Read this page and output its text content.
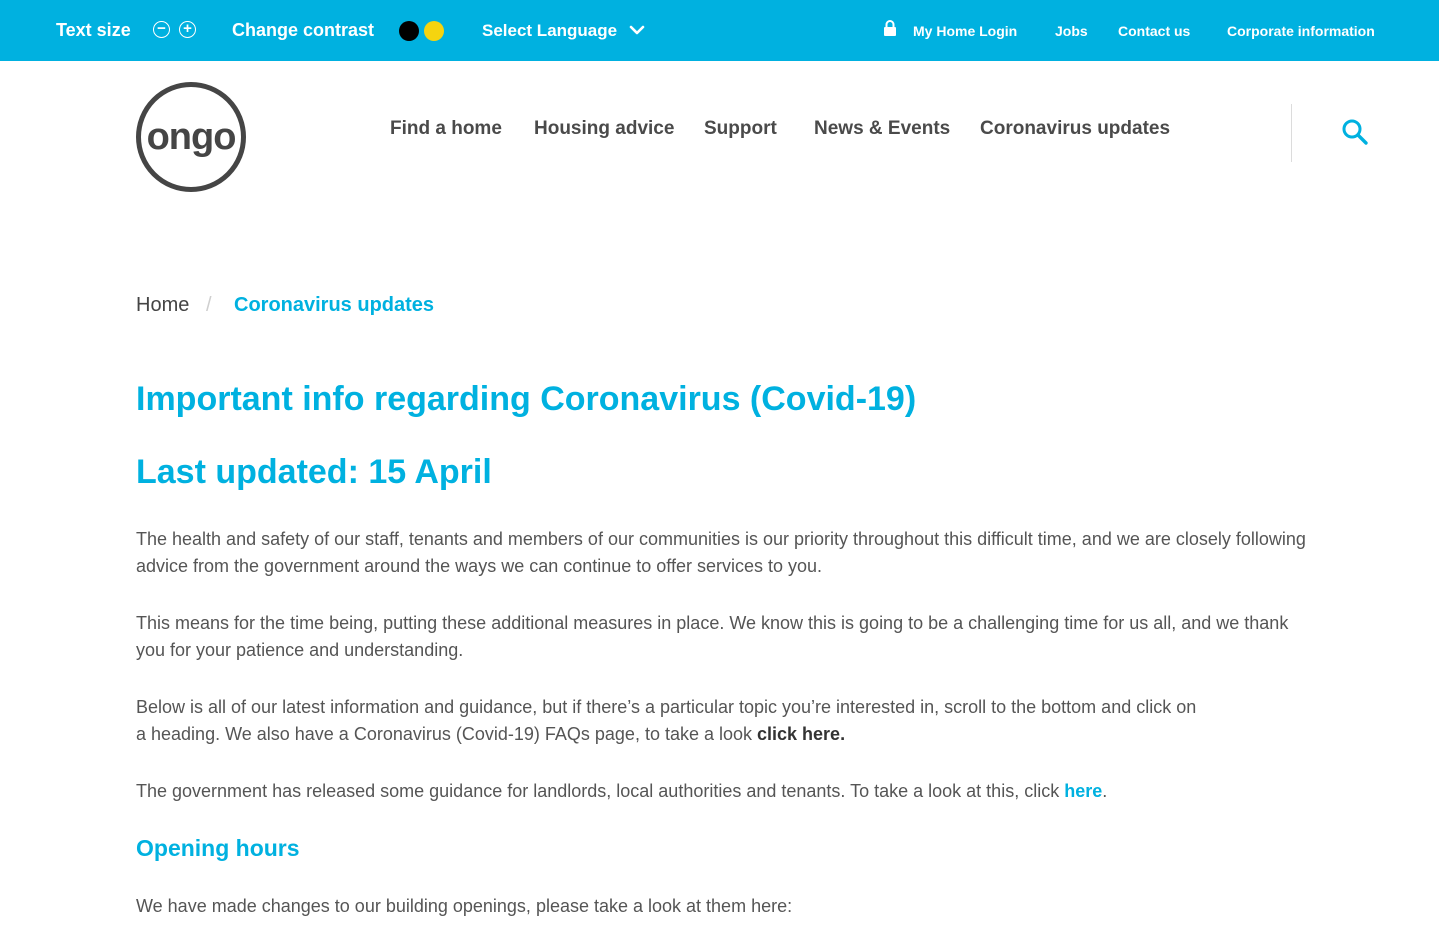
Text size − + Change contrast	Select Language	My Home Login	Jobs Contact us	Corporate information
ongo	Find a home Housing advice Support News & Events Coronavirus updates
Home / Coronavirus updates
Important info regarding Coronavirus (Covid-19)
Last updated: 15 April

The health and safety of our staff, tenants and members of our communities is our priority throughout this difficult time, and we are closely following advice from the government around the ways we can continue to offer services to you.

This means for the time being, putting these additional measures in place. We know this is going to be a challenging time for us all, and we thank you for your patience and understanding.

Below is all of our latest information and guidance, but if there’s a particular topic you’re interested in, scroll to the bottom and click on
a heading. We also have a Coronavirus (Covid-19) FAQs page, to take a look click here.

The government has released some guidance for landlords, local authorities and tenants. To take a look at this, click here.

Opening hours

We have made changes to our building openings, please take a look at them here:
